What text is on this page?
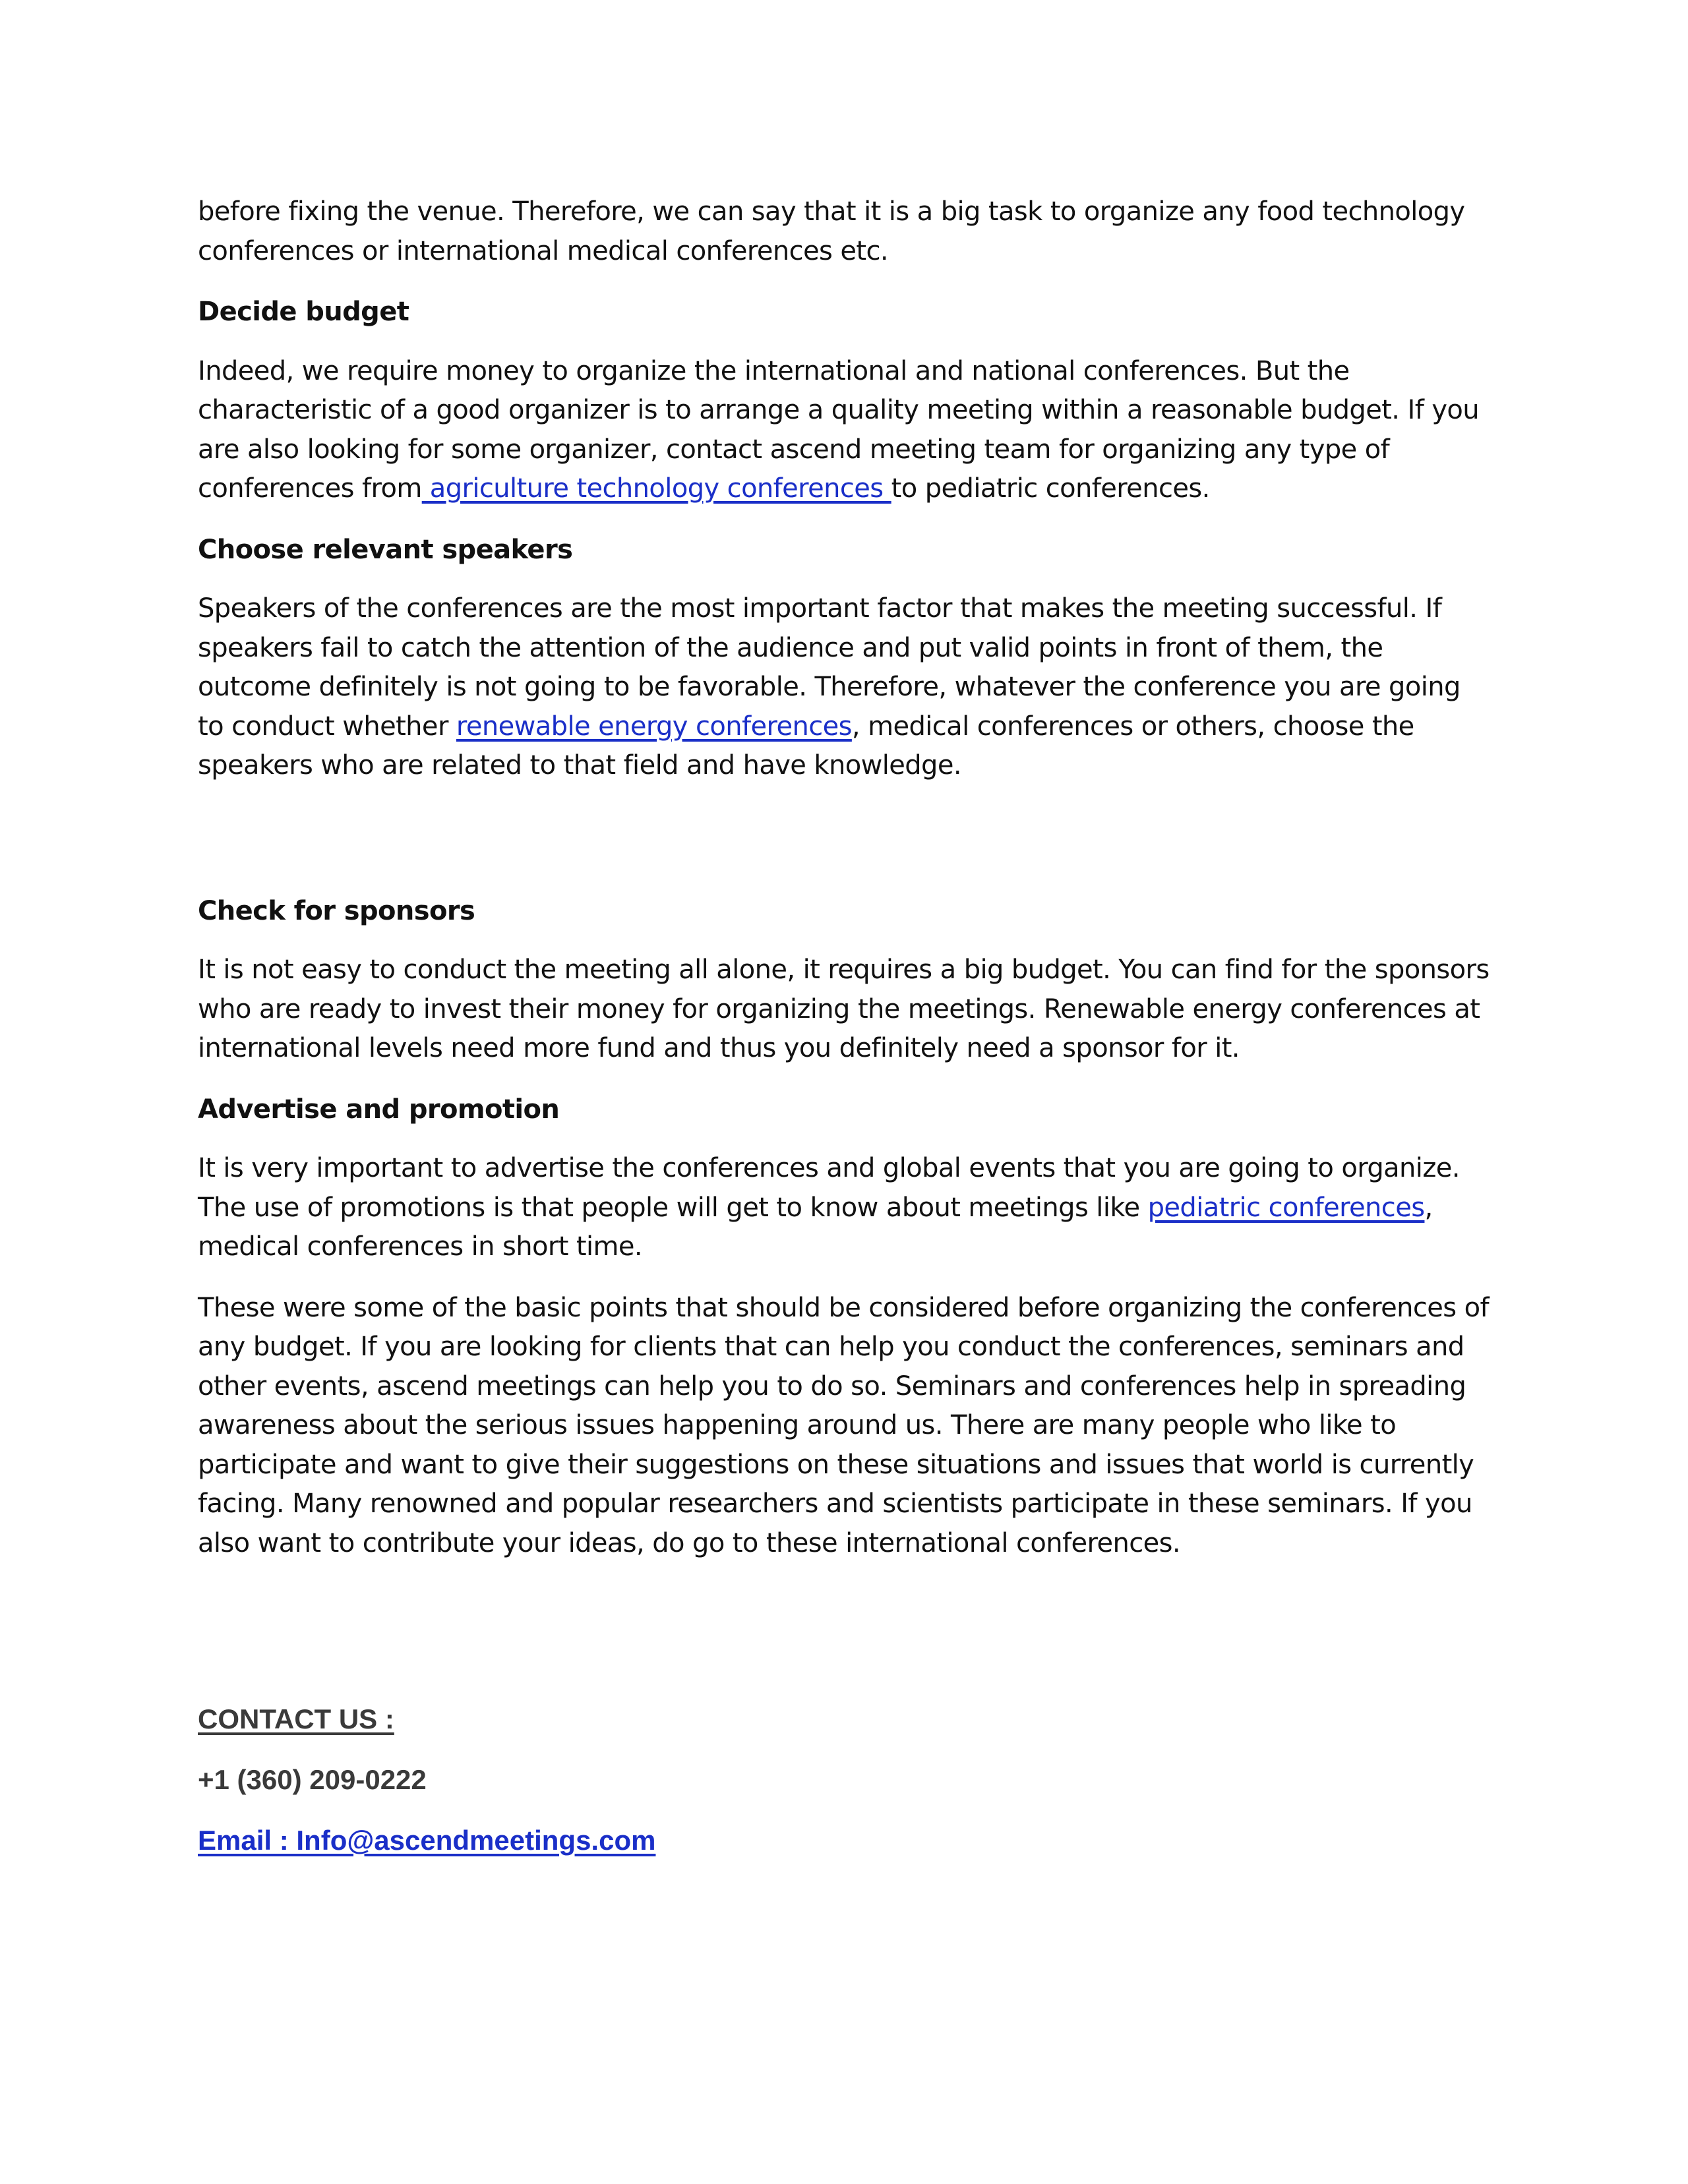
before fixing the venue. Therefore, we can say that it is a big task to organize any food technology conferences or international medical conferences etc.

Decide budget

Indeed, we require money to organize the international and national conferences. But the characteristic of a good organizer is to arrange a quality meeting within a reasonable budget. If you are also looking for some organizer, contact ascend meeting team for organizing any type of conferences from agriculture technology conferences to pediatric conferences.

Choose relevant speakers

Speakers of the conferences are the most important factor that makes the meeting successful. If speakers fail to catch the attention of the audience and put valid points in front of them, the outcome definitely is not going to be favorable. Therefore, whatever the conference you are going to conduct whether renewable energy conferences, medical conferences or others, choose the speakers who are related to that field and have knowledge.

Check for sponsors

It is not easy to conduct the meeting all alone, it requires a big budget. You can find for the sponsors who are ready to invest their money for organizing the meetings. Renewable energy conferences at international levels need more fund and thus you definitely need a sponsor for it.

Advertise and promotion

It is very important to advertise the conferences and global events that you are going to organize. The use of promotions is that people will get to know about meetings like pediatric conferences, medical conferences in short time.

These were some of the basic points that should be considered before organizing the conferences of any budget. If you are looking for clients that can help you conduct the conferences, seminars and other events, ascend meetings can help you to do so. Seminars and conferences help in spreading awareness about the serious issues happening around us. There are many people who like to participate and want to give their suggestions on these situations and issues that world is currently facing. Many renowned and popular researchers and scientists participate in these seminars. If you also want to contribute your ideas, do go to these international conferences.

CONTACT US :
+1 (360) 209-0222
Email : Info@ascendmeetings.com
